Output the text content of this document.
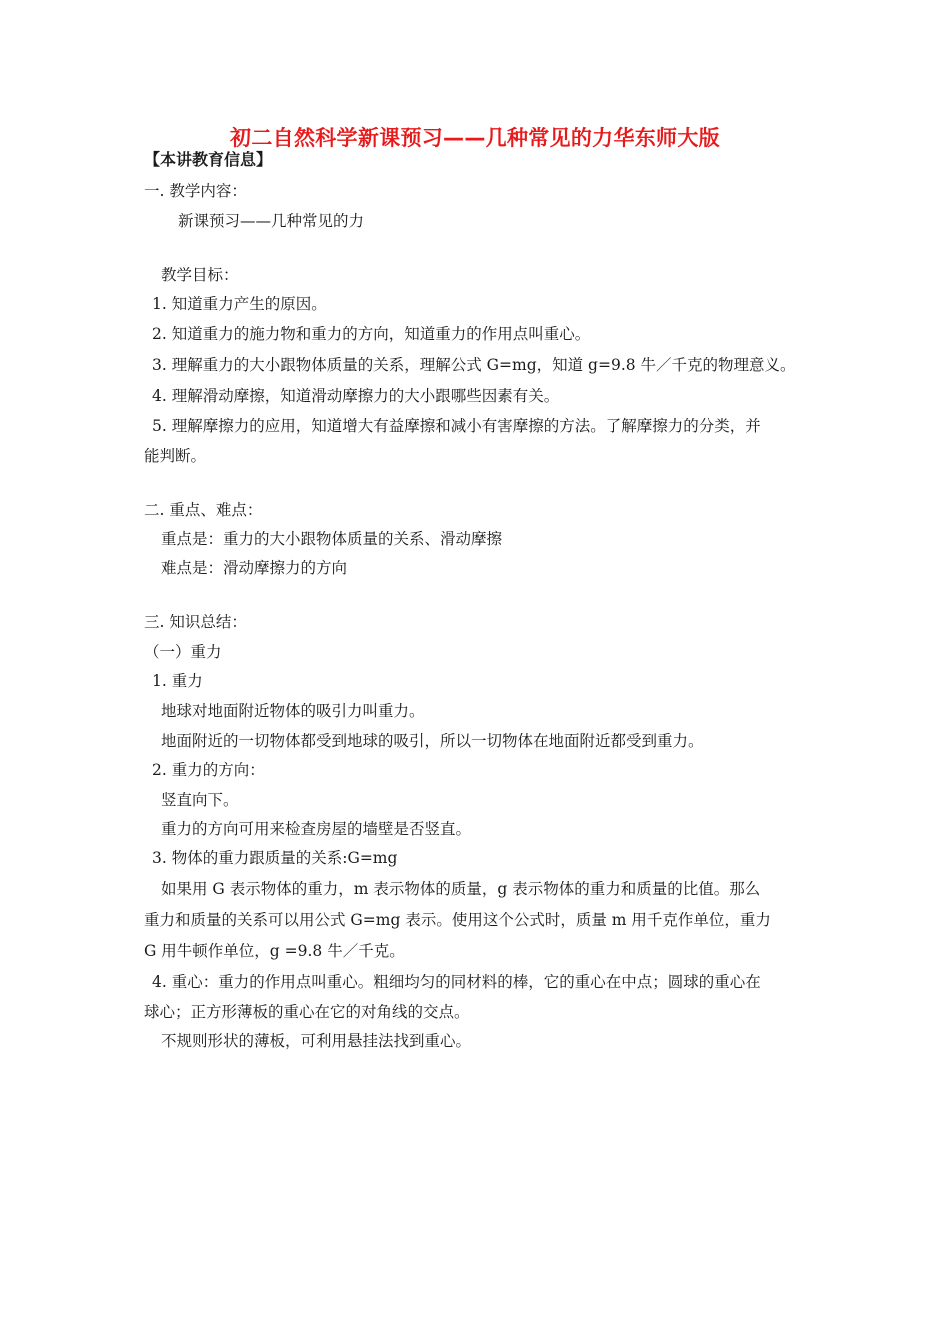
初二自然科学新课预习——几种常见的力华东师大版
【本讲教育信息】
一. 教学内容：
新课预习——几种常见的力
教学目标：
1. 知道重力产生的原因。
2. 知道重力的施力物和重力的方向，知道重力的作用点叫重心。
3. 理解重力的大小跟物体质量的关系，理解公式 G=mg，知道 g=9.8 牛／千克的物理意义。
4. 理解滑动摩擦，知道滑动摩擦力的大小跟哪些因素有关。
5. 理解摩擦力的应用，知道增大有益摩擦和减小有害摩擦的方法。了解摩擦力的分类，并
能判断。
二. 重点、难点：
重点是：重力的大小跟物体质量的关系、滑动摩擦
难点是：滑动摩擦力的方向
三. 知识总结：
（一）重力
1. 重力
地球对地面附近物体的吸引力叫重力。
地面附近的一切物体都受到地球的吸引，所以一切物体在地面附近都受到重力。
2. 重力的方向：
竖直向下。
重力的方向可用来检查房屋的墙壁是否竖直。
3. 物体的重力跟质量的关系:G=mg
如果用 G 表示物体的重力，m 表示物体的质量，g 表示物体的重力和质量的比值。那么
重力和质量的关系可以用公式 G=mg 表示。使用这个公式时，质量 m 用千克作单位，重力
G 用牛顿作单位，g =9.8 牛／千克。
4. 重心：重力的作用点叫重心。粗细均匀的同材料的棒，它的重心在中点；圆球的重心在
球心；正方形薄板的重心在它的对角线的交点。
不规则形状的薄板，可利用悬挂法找到重心。
